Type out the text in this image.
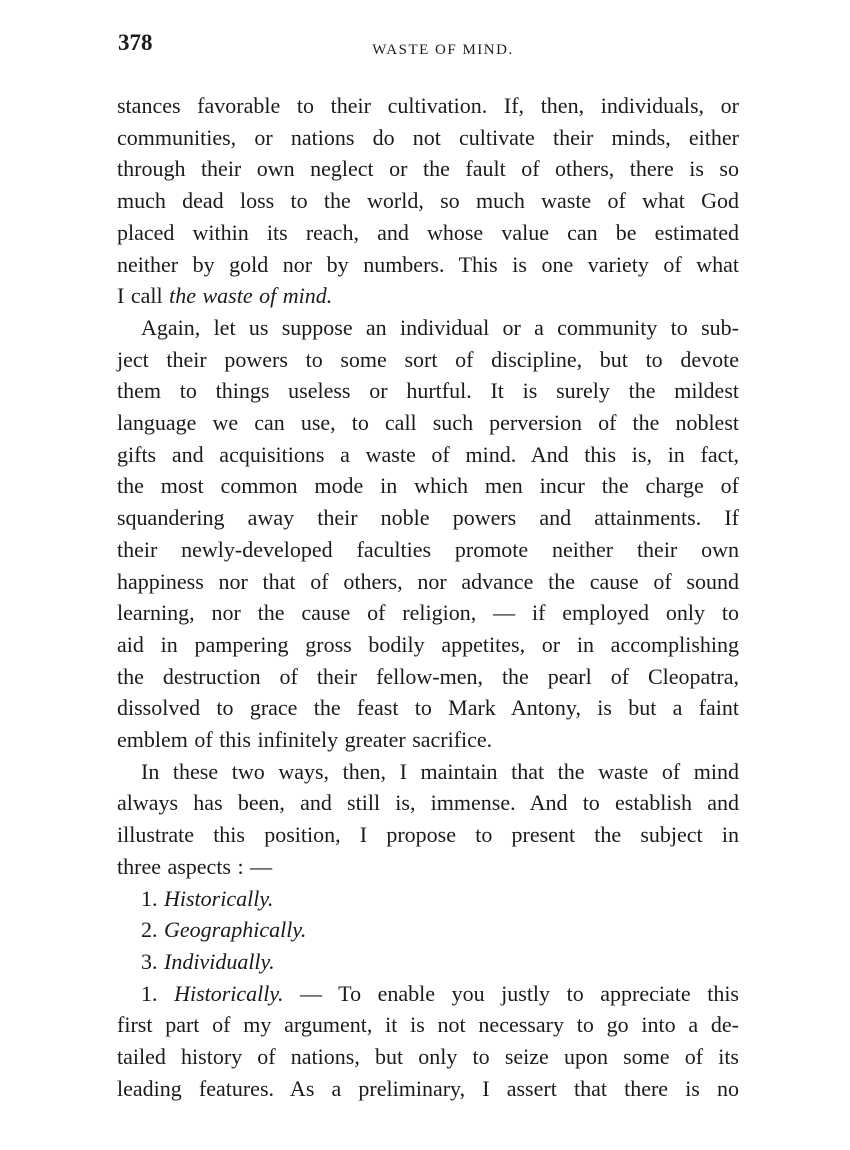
378	WASTE OF MIND.
stances favorable to their cultivation. If, then, individuals, or
communities, or nations do not cultivate their minds, either
through their own neglect or the fault of others, there is so
much dead loss to the world, so much waste of what God
placed within its reach, and whose value can be estimated
neither by gold nor by numbers. This is one variety of what
I call the waste of mind.
Again, let us suppose an individual or a community to sub-
ject their powers to some sort of discipline, but to devote
them to things useless or hurtful. It is surely the mildest
language we can use, to call such perversion of the noblest
gifts and acquisitions a waste of mind. And this is, in fact,
the most common mode in which men incur the charge of
squandering away their noble powers and attainments. If
their newly-developed faculties promote neither their own
happiness nor that of others, nor advance the cause of sound
learning, nor the cause of religion, — if employed only to
aid in pampering gross bodily appetites, or in accomplishing
the destruction of their fellow-men, the pearl of Cleopatra,
dissolved to grace the feast to Mark Antony, is but a faint
emblem of this infinitely greater sacrifice.
In these two ways, then, I maintain that the waste of mind
always has been, and still is, immense. And to establish and
illustrate this position, I propose to present the subject in
three aspects : —
1. Historically.
2. Geographically.
3. Individually.
1. Historically. — To enable you justly to appreciate this
first part of my argument, it is not necessary to go into a de-
tailed history of nations, but only to seize upon some of its
leading features. As a preliminary, I assert that there is no
